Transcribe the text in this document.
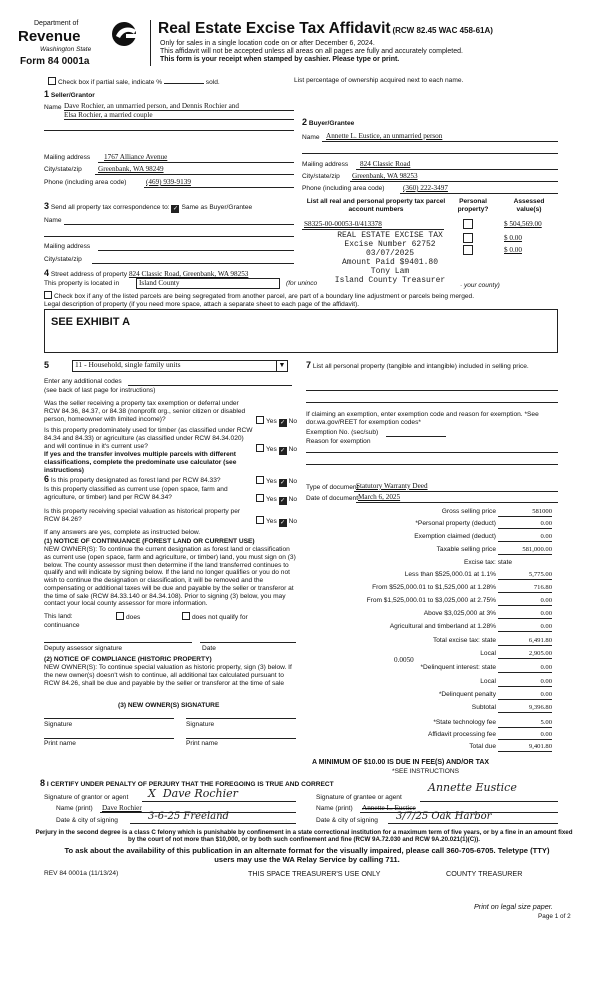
Department of
Revenue
Washington State
Form 84 0001a
Real Estate Excise Tax Affidavit (RCW 82.45 WAC 458-61A)
Only for sales in a single location code on or after December 6, 2024.
This affidavit will not be accepted unless all areas on all pages are fully and accurately completed.
This form is your receipt when stamped by cashier. Please type or print.
Check box if partial sale, indicate %	sold.	List percentage of ownership acquired next to each name.
1 Seller/Grantor
Name Dave Rochier, an unmarried person, and Dennis Rochier and
Elsa Rochier, a married couple
Mailing address 1767 Alliance Avenue
City/state/zip Greenbank, WA 98249
Phone (including area code)	(469) 939-9139
2 Buyer/Grantee
Name Annette L. Eustice, an unmarried person
Mailing address 824 Classic Road
City/state/zip Greenbank, WA 98253
Phone (including area code)	(360) 222-3497
3 Send all property tax correspondence to: ✓ Same as Buyer/Grantee
Name
Mailing address
City/state/zip
List all real and personal property tax parcel account numbers
Personal property?
Assessed value(s)
S8325-00-00053-0/413378	$ 504,569.00
$ 0.00
$ 0.00
REAL ESTATE EXCISE TAX
Excise Number 62752
03/07/2025
Amount Paid $9401.80
Tony Lam
Island County Treasurer
· your county)
4 Street address of property 824 Classic Road, Greenbank, WA 98253
This property is located in	Island County	(for uninco
Check box if any of the listed parcels are being segregated from another parcel, are part of a boundary line adjustment or parcels being merged.
Legal description of property (if you need more space, attach a separate sheet to each page of the affidavit).
SEE EXHIBIT A
5	11 - Household, single family units	▼
Enter any additional codes
(see back of last page for instructions)
Was the seller receiving a property tax exemption or deferral under RCW 84.36, 84.37, or 84.38 (nonprofit org., senior citizen or disabled person, homeowner with limited income)?	Yes ✓ No
Is this property predominately used for timber (as classified under RCW 84.34 and 84.33) or agriculture (as classified under RCW 84.34.020) and will continue in it's current use?
If yes and the transfer involves multiple parcels with different classifications, complete the predominate use calculator (see instructions)
Yes ✓ No
6 Is this property designated as forest land per RCW 84.33?	Yes ✓ No
Is this property classified as current use (open space, farm and agriculture, or timber) land per RCW 84.34?	Yes ✓ No
Is this property receiving special valuation as historical property per RCW 84.26?	Yes ✓ No
If any answers are yes, complete as instructed below.
(1) NOTICE OF CONTINUANCE (FOREST LAND OR CURRENT USE)
NEW OWNER(S): To continue the current designation as forest land or classification as current use (open space, farm and agriculture, or timber) land, you must sign on (3) below. The county assessor must then determine if the land transferred continues to qualify and will indicate by signing below. If the land no longer qualifies or you do not wish to continue the designation or classification, it will be removed and the compensating or additional taxes will be due and payable by the seller or transferor at the time of sale (RCW 84.33.140 or 84.34.108). Prior to signing (3) below, you may contact your local county assessor for more information.
This land:	does	does not qualify for
continuance
Deputy assessor signature	Date
(2) NOTICE OF COMPLIANCE (HISTORIC PROPERTY)
NEW OWNER(S): To continue special valuation as historic property, sign (3) below. If the new owner(s) doesn't wish to continue, all additional tax calculated pursuant to RCW 84.26, shall be due and payable by the seller or transferor at the time of sale
(3) NEW OWNER(S) SIGNATURE
Signature	Signature
Print name	Print name
7 List all personal property (tangible and intangible) included in selling price.
If claiming an exemption, enter exemption code and reason for exemption. *See dor.wa.gov/REET for exemption codes*
Exemption No. (sec/sub)
Reason for exemption
Type of document
Statutory Warranty Deed
Date of document March 6, 2025
Gross selling price	581000
*Personal property (deduct)	0.00
Exemption claimed (deduct)	0.00
Taxable selling price	581,000.00
Excise tax: state
Less than $525,000.01 at 1.1%	5,775.00
From $525,000.01 to $1,525,000 at 1.28%	716.80
From $1,525,000.01 to $3,025,000 at 2.75%	0.00
Above $3,025,000 at 3%	0.00
Agricultural and timberland at 1.28%	0.00
Total excise tax: state	6,491.80
Local	2,905.00
*Delinquent interest: state	0.00
Local	0.00
*Delinquent penalty	0.00
Subtotal	9,396.80
*State technology fee	5.00
Affidavit processing fee	0.00
Total due	9,401.80
0.0050
A MINIMUM OF $10.00 IS DUE IN FEE(S) AND/OR TAX
*SEE INSTRUCTIONS
8 I CERTIFY UNDER PENALTY OF PERJURY THAT THE FOREGOING IS TRUE AND CORRECT
Signature of grantor or agent X  Dave Rochier
Name (print) Dave Rochier
Date & city of signing	3-6-25 Freeland
Signature of grantee or agent
Annette Eustice
Name (print) Annette L. Eustice
Date & city of signing 3/7/25 Oak Harbor
Perjury in the second degree is a class C felony which is punishable by confinement in a state correctional institution for a maximum term of five years, or by a fine in an amount fixed by the court of not more than $10,000, or by both such confinement and fine (RCW 9A.72.030 and RCW 9A.20.021(1)(C)).
To ask about the availability of this publication in an alternate format for the visually impaired, please call 360-705-6705. Teletype (TTY) users may use the WA Relay Service by calling 711.
REV 84 0001a (11/13/24)	THIS SPACE TREASURER'S USE ONLY	COUNTY TREASURER
Print on legal size paper.
Page 1 of 2
